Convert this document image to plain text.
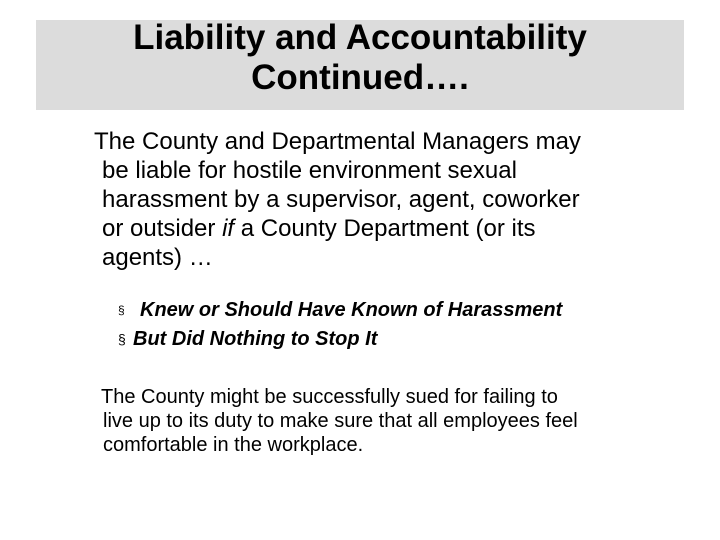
Liability and Accountability
Continued….

The County and Departmental Managers may
be liable for hostile environment sexual
harassment by a supervisor, agent, coworker
or outsider if a County Department (or its
agents) …

§ Knew or Should Have Known of Harassment
§ But Did Nothing to Stop It

The County might be successfully sued for failing to
live up to its duty to make sure that all employees feel
comfortable in the workplace.
